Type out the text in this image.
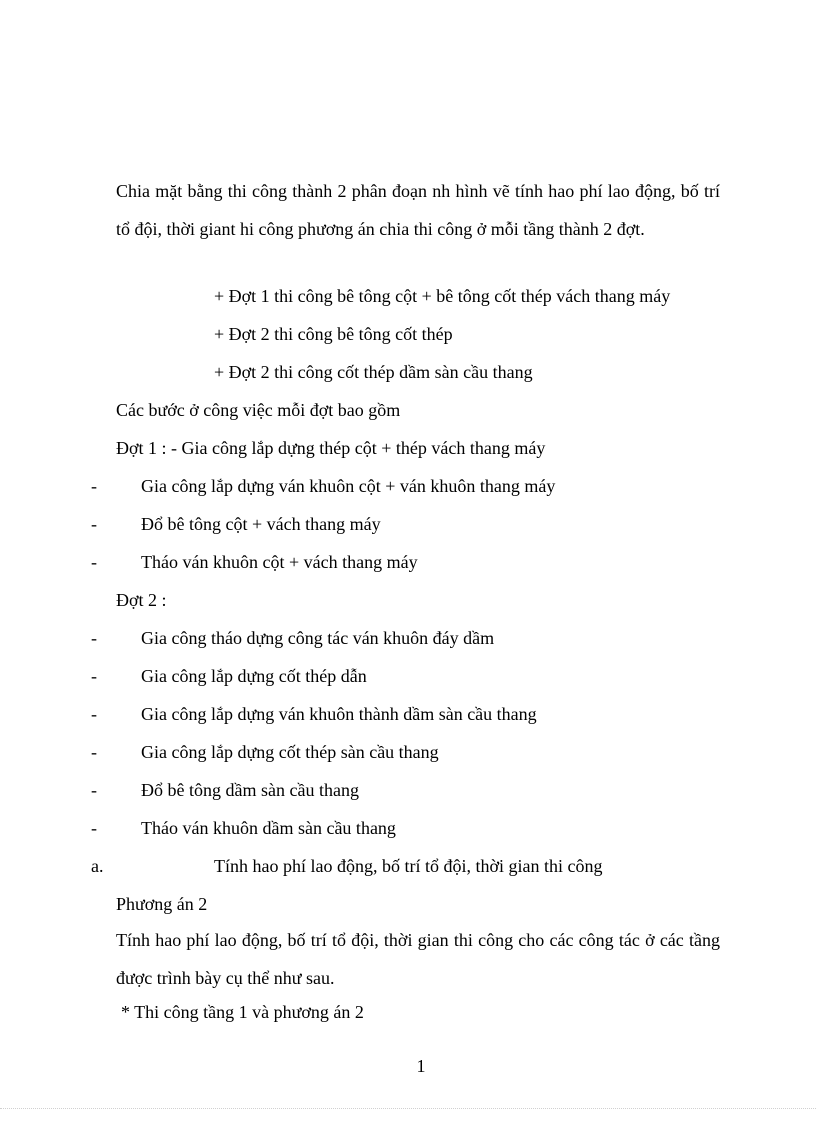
Chia mặt bằng thi công thành 2 phân đoạn nh hình vẽ tính hao phí lao động, bố trí tổ đội, thời giant hi công phương án chia thi công ở mỗi tầng thành 2 đợt.

+ Đợt 1 thi công bê tông cột + bê tông cốt thép vách thang máy
+ Đợt 2 thi công bê tông cốt thép
+ Đợt 2 thi công cốt thép dầm sàn cầu thang
Các bước ở công việc mỗi đợt bao gồm
Đợt 1 : - Gia công lắp dựng thép cột + thép vách thang máy
- Gia công lắp dựng ván khuôn cột + ván khuôn thang máy
- Đổ bê tông cột + vách thang máy
- Tháo ván khuôn cột + vách thang máy
Đợt 2 :
- Gia công tháo dựng công tác ván khuôn đáy dầm
- Gia công lắp dựng cốt thép dẫn
- Gia công lắp dựng ván khuôn thành dầm sàn cầu thang
- Gia công lắp dựng cốt thép sàn cầu thang
- Đổ bê tông dầm sàn cầu thang
- Tháo ván khuôn dầm sàn cầu thang
a.	Tính hao phí lao động, bố trí tổ đội, thời gian thi công
Phương án 2

Tính hao phí lao động, bố trí tổ đội, thời gian thi công cho các công tác ở các tầng được trình bày cụ thể như sau.

* Thi công tầng 1 và phương án 2
1
